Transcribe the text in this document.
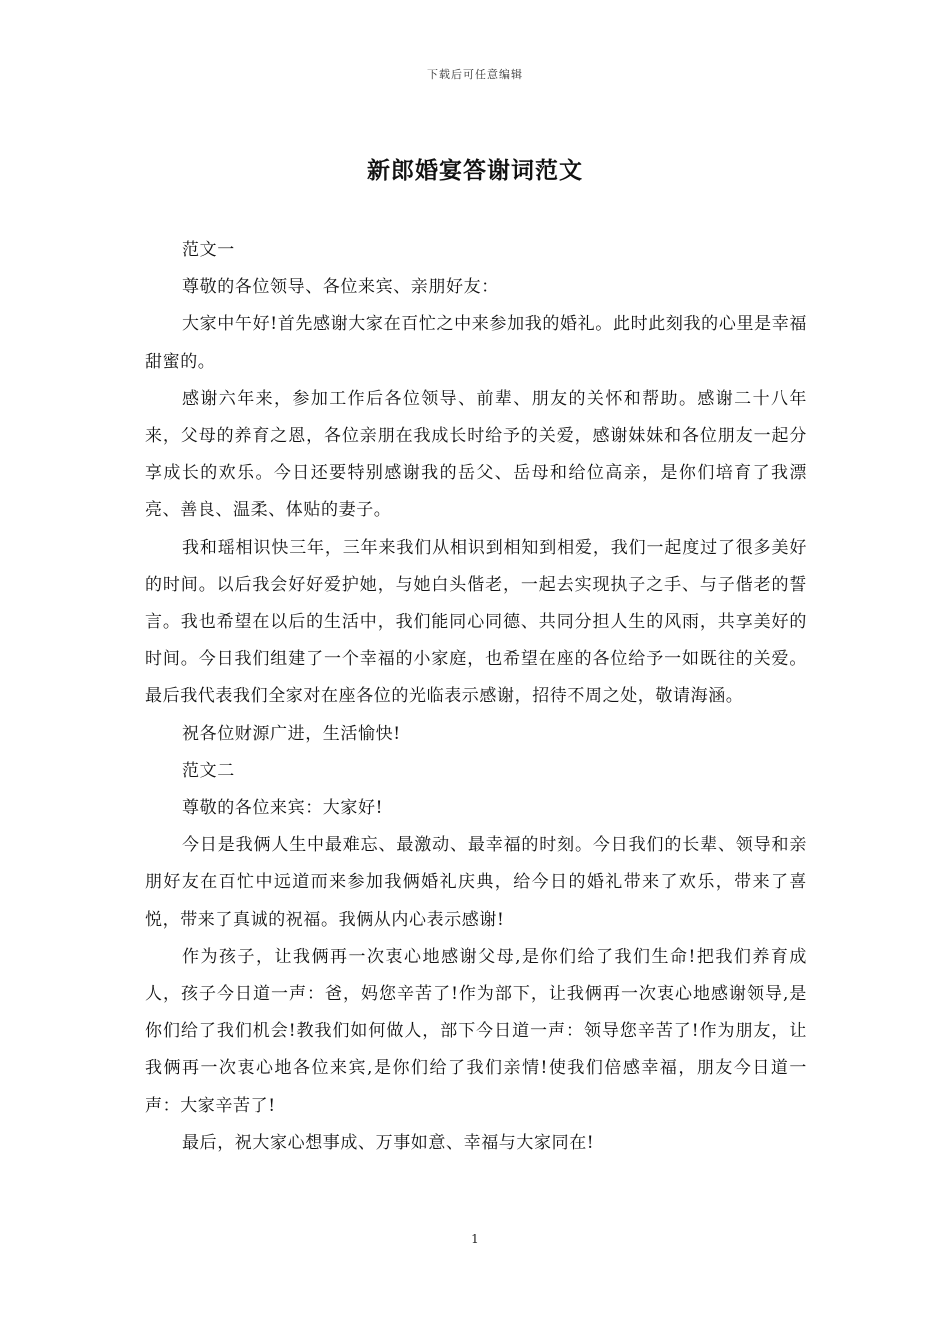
下载后可任意编辑
新郎婚宴答谢词范文

范文一

尊敬的各位领导、各位来宾、亲朋好友：

大家中午好!首先感谢大家在百忙之中来参加我的婚礼。此时此刻我的心里是幸福甜蜜的。

感谢六年来，参加工作后各位领导、前辈、朋友的关怀和帮助。感谢二十八年来，父母的养育之恩，各位亲朋在我成长时给予的关爱，感谢妹妹和各位朋友一起分享成长的欢乐。今日还要特别感谢我的岳父、岳母和给位高亲，是你们培育了我漂亮、善良、温柔、体贴的妻子。

我和瑶相识快三年，三年来我们从相识到相知到相爱，我们一起度过了很多美好的时间。以后我会好好爱护她，与她白头偕老，一起去实现执子之手、与子偕老的誓言。我也希望在以后的生活中，我们能同心同德、共同分担人生的风雨，共享美好的时间。今日我们组建了一个幸福的小家庭，也希望在座的各位给予一如既往的关爱。最后我代表我们全家对在座各位的光临表示感谢，招待不周之处，敬请海涵。

祝各位财源广进，生活愉快!

范文二

尊敬的各位来宾：大家好!

今日是我俩人生中最难忘、最激动、最幸福的时刻。今日我们的长辈、领导和亲朋好友在百忙中远道而来参加我俩婚礼庆典，给今日的婚礼带来了欢乐，带来了喜悦，带来了真诚的祝福。我俩从内心表示感谢!

作为孩子，让我俩再一次衷心地感谢父母,是你们给了我们生命!把我们养育成人，孩子今日道一声：爸，妈您辛苦了!作为部下，让我俩再一次衷心地感谢领导,是你们给了我们机会!教我们如何做人，部下今日道一声：领导您辛苦了!作为朋友，让我俩再一次衷心地各位来宾,是你们给了我们亲情!使我们倍感幸福，朋友今日道一声：大家辛苦了!

最后，祝大家心想事成、万事如意、幸福与大家同在!

1
